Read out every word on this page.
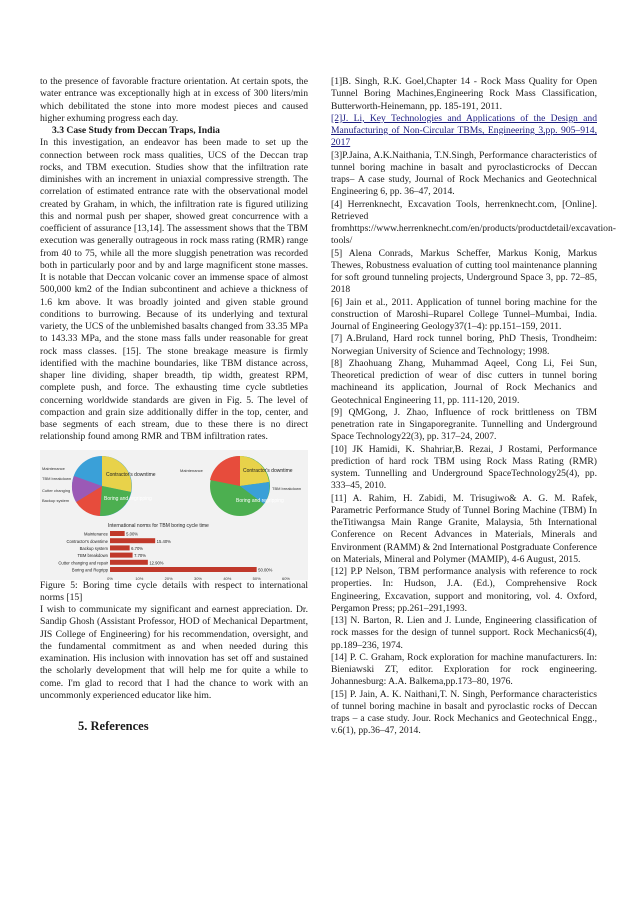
to the presence of favorable fracture orientation. At certain spots, the water entrance was exceptionally high at in excess of 300 liters/min which debilitated the stone into more modest pieces and caused higher exhuming progress each day.

3.3 Case Study from Deccan Traps, India

In this investigation, an endeavor has been made to set up the connection between rock mass qualities, UCS of the Deccan trap rocks, and TBM execution. Studies show that the infiltration rate diminishes with an increment in uniaxial compressive strength. The correlation of estimated entrance rate with the observational model created by Graham, in which, the infiltration rate is figured utilizing this and normal push per shaper, showed great concurrence with a coefficient of assurance [13,14]. The assessment shows that the TBM execution was generally outrageous in rock mass rating (RMR) range from 40 to 75, while all the more sluggish penetration was recorded both in particularly poor and by and large magnificent stone masses. It is notable that Deccan volcanic cover an immense space of almost 500,000 km2 of the Indian subcontinent and achieve a thickness of 1.6 km above. It was broadly jointed and given stable ground conditions to burrowing. Because of its underlying and textural variety, the UCS of the unblemished basalts changed from 33.35 MPa to 143.33 MPa, and the stone mass falls under reasonable for great rock mass classes. [15]. The stone breakage measure is firmly identified with the machine boundaries, like TBM distance across, shaper line dividing, shaper breadth, tip width, greatest RPM, complete push, and force. The exhausting time cycle subtleties concerning worldwide standards are given in Fig. 5. The level of compaction and grain size additionally differ in the top, center, and base segments of each stream, due to these there is no direct relationship found among RMR and TBM infiltration rates.

Contractor's downtime
Boring and regripping
Maintenance
TBM breakdown
Cutter changing
Backup system
Contractor's downtime
Boring and regripping
TBM breakdown
Maintenance
International norms for TBM boring cycle time
Maintenance	5.00%
Contractor's downtime	15.40%
Backup system	6.70%
TBM breakdown	7.70%
Cutter changing and repair	12.90%
Boring and Regripp	50.00%
0%	10%	20%	30%	40%	50%	60%

Figure 5: Boring time cycle details with respect to international norms [15]

I wish to communicate my significant and earnest appreciation. Dr. Sandip Ghosh (Assistant Professor, HOD of Mechanical Department, JIS College of Engineering) for his recommendation, oversight, and the fundamental commitment as and when needed during this examination. His inclusion with innovation has set off and sustained the scholarly development that will help me for quite a while to come. I'm glad to record that I had the chance to work with an uncommonly experienced educator like him.

5. References

[1]B. Singh, R.K. Goel,Chapter 14 - Rock Mass Quality for Open Tunnel Boring Machines,Engineering Rock Mass Classification, Butterworth-Heinemann, pp. 185-191, 2011.

[2]J. Li, Key Technologies and Applications of the Design and Manufacturing of Non-Circular TBMs, Engineering 3,pp. 905–914, 2017

[3]P.Jaina, A.K.Naithania, T.N.Singh, Performance characteristics of tunnel boring machine in basalt and pyroclasticrocks of Deccan traps– A case study, Journal of Rock Mechanics and Geotechnical Engineering 6, pp. 36–47, 2014.

[4] Herrenknecht, Excavation Tools, herrenknecht.com, [Online]. Retrieved fromhttps://www.herrenknecht.com/en/products/productdetail/excavation-tools/

[5] Alena Conrads, Markus Scheffer, Markus Konig, Markus Thewes, Robustness evaluation of cutting tool maintenance planning for soft ground tunneling projects, Underground Space 3, pp. 72–85, 2018

[6] Jain et al., 2011. Application of tunnel boring machine for the construction of Maroshi–Ruparel College Tunnel–Mumbai, India. Journal of Engineering Geology37(1–4): pp.151–159, 2011.

[7] A.Bruland, Hard rock tunnel boring, PhD Thesis, Trondheim: Norwegian University of Science and Technology; 1998.

[8] Zhaohuang Zhang, Muhammad Aqeel, Cong Li, Fei Sun, Theoretical prediction of wear of disc cutters in tunnel boring machineand its application, Journal of Rock Mechanics and Geotechnical Engineering 11, pp. 111-120, 2019.

[9] QMGong, J. Zhao, Influence of rock brittleness on TBM penetration rate in Singaporegranite. Tunnelling and Underground Space Technology22(3), pp. 317–24, 2007.

[10] JK Hamidi, K. Shahriar,B. Rezai, J Rostami, Performance prediction of hard rock TBM using Rock Mass Rating (RMR) system. Tunnelling and Underground SpaceTechnology25(4), pp. 333–45, 2010.

[11] A. Rahim, H. Zabidi, M. Trisugiwo& A. G. M. Rafek, Parametric Performance Study of Tunnel Boring Machine (TBM) In theTitiwangsa Main Range Granite, Malaysia, 5th International Conference on Recent Advances in Materials, Minerals and Environment (RAMM) & 2nd International Postgraduate Conference on Materials, Mineral and Polymer (MAMIP), 4-6 August, 2015.

[12] P.P Nelson, TBM performance analysis with reference to rock properties. In: Hudson, J.A. (Ed.), Comprehensive Rock Engineering, Excavation, support and monitoring, vol. 4. Oxford, Pergamon Press; pp.261–291,1993.

[13] N. Barton, R. Lien and J. Lunde, Engineering classification of rock masses for the design of tunnel support. Rock Mechanics6(4), pp.189–236, 1974.

[14] P. C. Graham, Rock exploration for machine manufacturers. In: Bieniawski ZT, editor. Exploration for rock engineering. Johannesburg: A.A. Balkema,pp.173–80, 1976.

[15] P. Jain, A. K. Naithani,T. N. Singh, Performance characteristics of tunnel boring machine in basalt and pyroclastic rocks of Deccan traps – a case study. Jour. Rock Mechanics and Geotechnical Engg., v.6(1), pp.36–47, 2014.
